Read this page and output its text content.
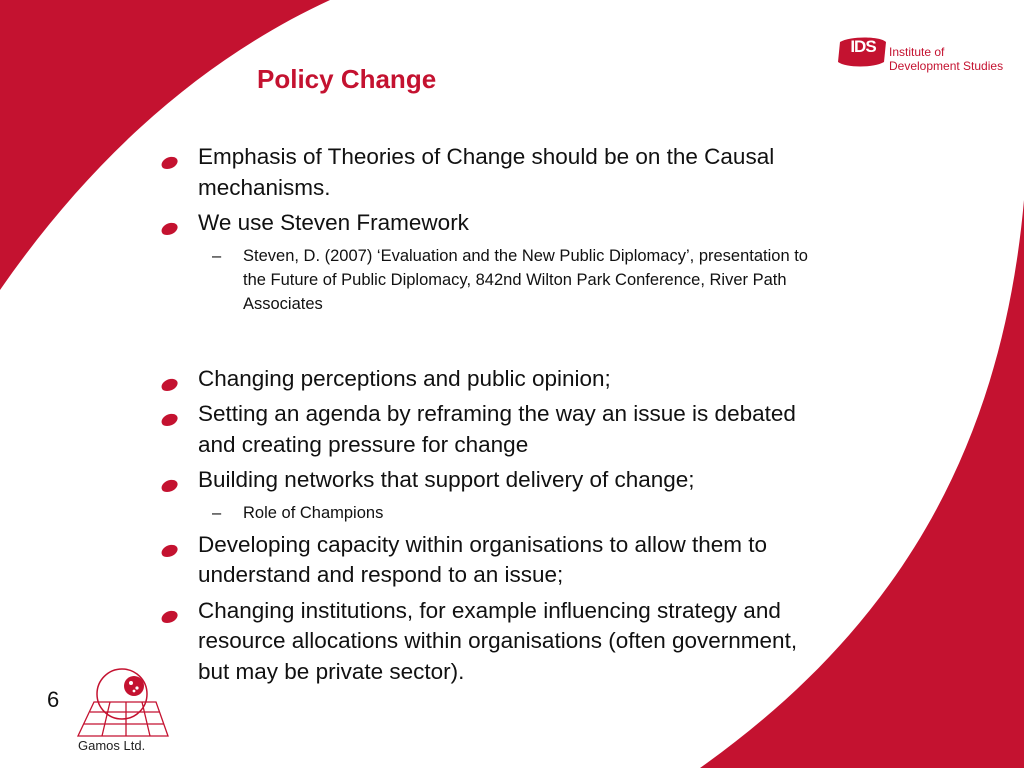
IDS	Institute of
Development Studies
Policy Change
Emphasis of Theories of Change should be on the Causal mechanisms.
We use Steven Framework
– Steven, D. (2007) ‘Evaluation and the New Public Diplomacy’, presentation to the Future of Public Diplomacy, 842nd Wilton Park Conference, River Path Associates
Changing perceptions and public opinion;
Setting an agenda by reframing the way an issue is debated and creating pressure for change
Building networks that support delivery of change;
– Role of Champions
Developing capacity within organisations to allow them to understand and respond to an issue;
Changing institutions, for example influencing strategy and resource allocations within organisations (often government, but may be private sector).
6
Gamos Ltd.
